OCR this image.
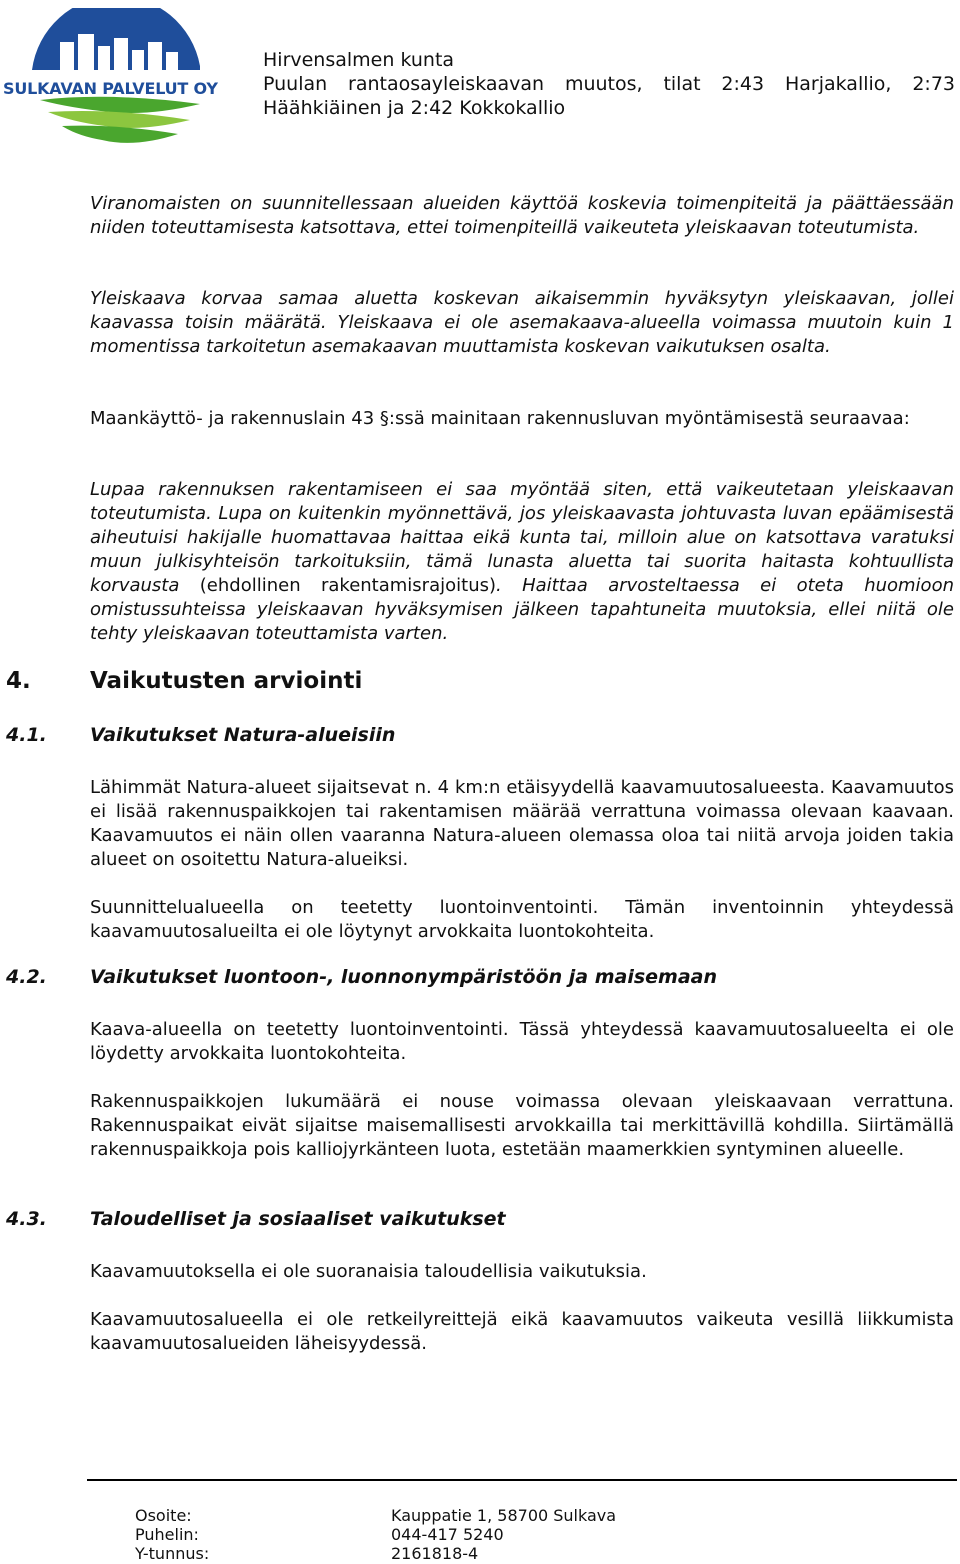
SULKAVAN PALVELUT OY
Hirvensalmen kunta
Puulan rantaosayleiskaavan muutos, tilat 2:43 Harjakallio, 2:73
Häähkiäinen ja 2:42 Kokkokallio

Viranomaisten on suunnitellessaan alueiden käyttöä koskevia toimenpiteitä ja päättäessään niiden toteuttamisesta katsottava, ettei toimenpiteillä vaikeuteta yleiskaavan toteutumista.

Yleiskaava korvaa samaa aluetta koskevan aikaisemmin hyväksytyn yleiskaavan, jollei kaavassa toisin määrätä. Yleiskaava ei ole asemakaava-alueella voimassa muutoin kuin 1 momentissa tarkoitetun asemakaavan muuttamista koskevan vaikutuksen osalta.

Maankäyttö- ja rakennuslain 43 §:ssä mainitaan rakennusluvan myöntämisestä seuraavaa:

Lupaa rakennuksen rakentamiseen ei saa myöntää siten, että vaikeutetaan yleiskaavan toteutumista. Lupa on kuitenkin myönnettävä, jos yleiskaavasta johtuvasta luvan epäämisestä aiheutuisi hakijalle huomattavaa haittaa eikä kunta tai, milloin alue on katsottava varatuksi muun julkisyhteisön tarkoituksiin, tämä lunasta aluetta tai suorita haitasta kohtuullista korvausta (ehdollinen rakentamisrajoitus). Haittaa arvosteltaessa ei oteta huomioon omistussuhteissa yleiskaavan hyväksymisen jälkeen tapahtuneita muutoksia, ellei niitä ole tehty yleiskaavan toteuttamista varten.

4.	Vaikutusten arviointi
4.1. Vaikutukset Natura-alueisiin

Lähimmät Natura-alueet sijaitsevat n. 4 km:n etäisyydellä kaavamuutosalueesta. Kaavamuutos ei lisää rakennuspaikkojen tai rakentamisen määrää verrattuna voimassa olevaan kaavaan. Kaavamuutos ei näin ollen vaaranna Natura-alueen olemassa oloa tai niitä arvoja joiden takia alueet on osoitettu Natura-alueiksi.

Suunnittelualueella on teetetty luontoinventointi. Tämän inventoinnin yhteydessä kaavamuutosalueilta ei ole löytynyt arvokkaita luontokohteita.

4.2. Vaikutukset luontoon-, luonnonympäristöön ja maisemaan

Kaava-alueella on teetetty luontoinventointi. Tässä yhteydessä kaavamuutosalueelta ei ole löydetty arvokkaita luontokohteita.

Rakennuspaikkojen lukumäärä ei nouse voimassa olevaan yleiskaavaan verrattuna. Rakennuspaikat eivät sijaitse maisemallisesti arvokkailla tai merkittävillä kohdilla. Siirtämällä rakennuspaikkoja pois kalliojyrkänteen luota, estetään maamerkkien syntyminen alueelle.

4.3. Taloudelliset ja sosiaaliset vaikutukset

Kaavamuutoksella ei ole suoranaisia taloudellisia vaikutuksia.

Kaavamuutosalueella ei ole retkeilyreittejä eikä kaavamuutos vaikeuta vesillä liikkumista kaavamuutosalueiden läheisyydessä.

Osoite:	Kauppatie 1, 58700 Sulkava
Puhelin:	044-417 5240
Y-tunnus:	2161818-4
